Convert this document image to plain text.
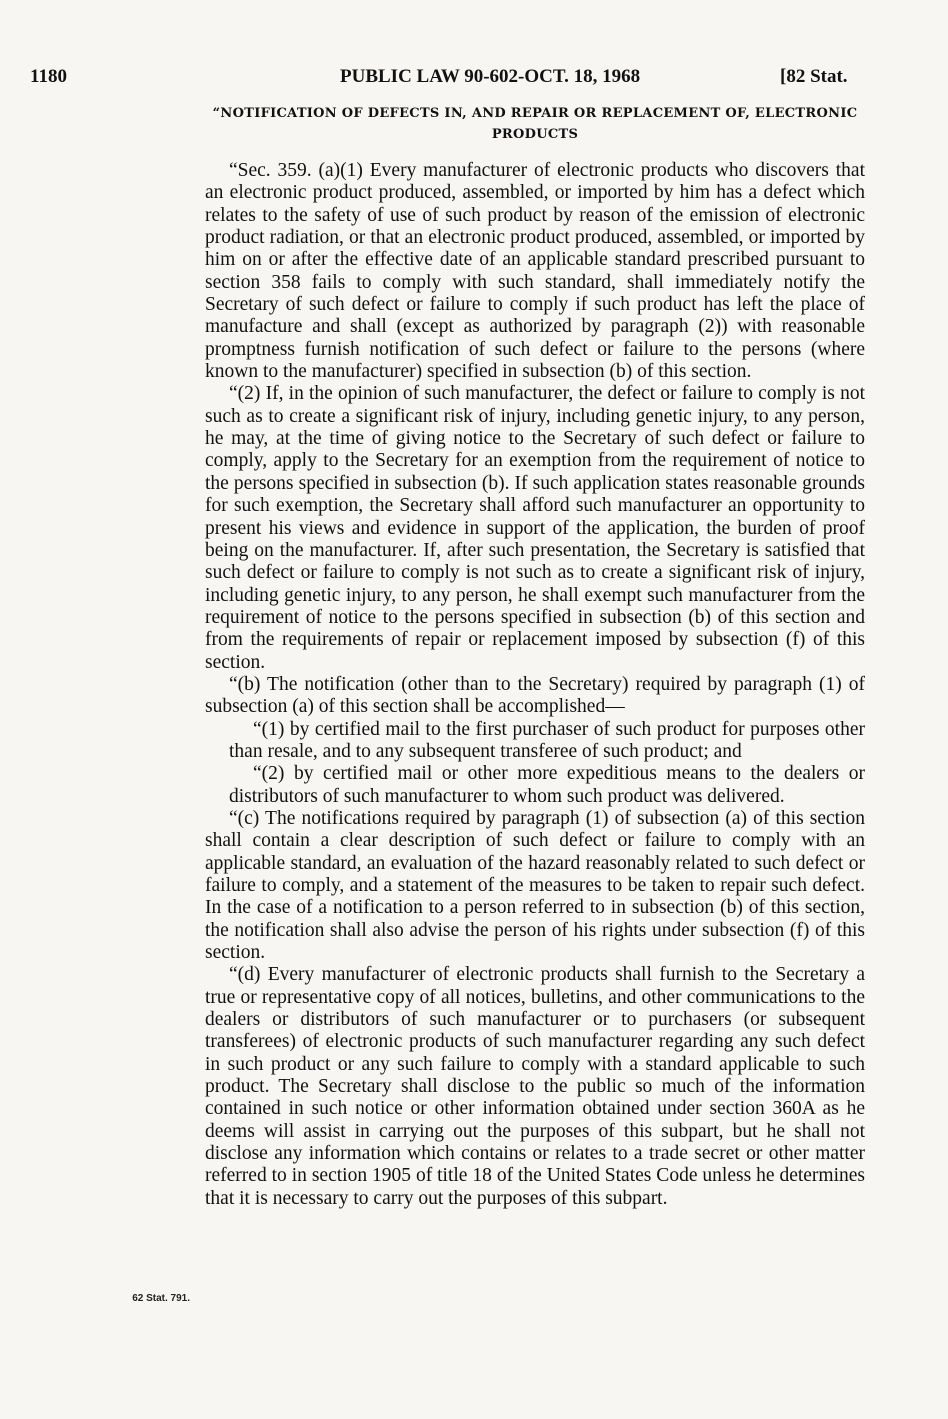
1180	PUBLIC LAW 90-602-OCT. 18, 1968	[82 Stat.
“NOTIFICATION OF DEFECTS IN, AND REPAIR OR REPLACEMENT OF, ELECTRONIC PRODUCTS

“Sec. 359. (a)(1) Every manufacturer of electronic products who discovers that an electronic product produced, assembled, or imported by him has a defect which relates to the safety of use of such product by reason of the emission of electronic product radiation, or that an electronic product produced, assembled, or imported by him on or after the effective date of an applicable standard prescribed pursuant to section 358 fails to comply with such standard, shall immediately notify the Secretary of such defect or failure to comply if such product has left the place of manufacture and shall (except as authorized by paragraph (2)) with reasonable promptness furnish notification of such defect or failure to the persons (where known to the manufacturer) specified in subsection (b) of this section.

“(2) If, in the opinion of such manufacturer, the defect or failure to comply is not such as to create a significant risk of injury, including genetic injury, to any person, he may, at the time of giving notice to the Secretary of such defect or failure to comply, apply to the Secretary for an exemption from the requirement of notice to the persons specified in subsection (b). If such application states reasonable grounds for such exemption, the Secretary shall afford such manufacturer an opportunity to present his views and evidence in support of the application, the burden of proof being on the manufacturer. If, after such presentation, the Secretary is satisfied that such defect or failure to comply is not such as to create a significant risk of injury, including genetic injury, to any person, he shall exempt such manufacturer from the requirement of notice to the persons specified in subsection (b) of this section and from the requirements of repair or replacement imposed by subsection (f) of this section.

“(b) The notification (other than to the Secretary) required by paragraph (1) of subsection (a) of this section shall be accomplished—

“(1) by certified mail to the first purchaser of such product for purposes other than resale, and to any subsequent transferee of such product; and

“(2) by certified mail or other more expeditious means to the dealers or distributors of such manufacturer to whom such product was delivered.

“(c) The notifications required by paragraph (1) of subsection (a) of this section shall contain a clear description of such defect or failure to comply with an applicable standard, an evaluation of the hazard reasonably related to such defect or failure to comply, and a statement of the measures to be taken to repair such defect. In the case of a notification to a person referred to in subsection (b) of this section, the notification shall also advise the person of his rights under subsection (f) of this section.

“(d) Every manufacturer of electronic products shall furnish to the Secretary a true or representative copy of all notices, bulletins, and other communications to the dealers or distributors of such manufacturer or to purchasers (or subsequent transferees) of electronic products of such manufacturer regarding any such defect in such product or any such failure to comply with a standard applicable to such product. The Secretary shall disclose to the public so much of the information contained in such notice or other information obtained under section 360A as he deems will assist in carrying out the purposes of this subpart, but he shall not disclose any information which contains or relates to a trade secret or other matter referred to in section 1905 of title 18 of the United States Code unless he determines that it is necessary to carry out the purposes of this subpart.

62 Stat. 791.
